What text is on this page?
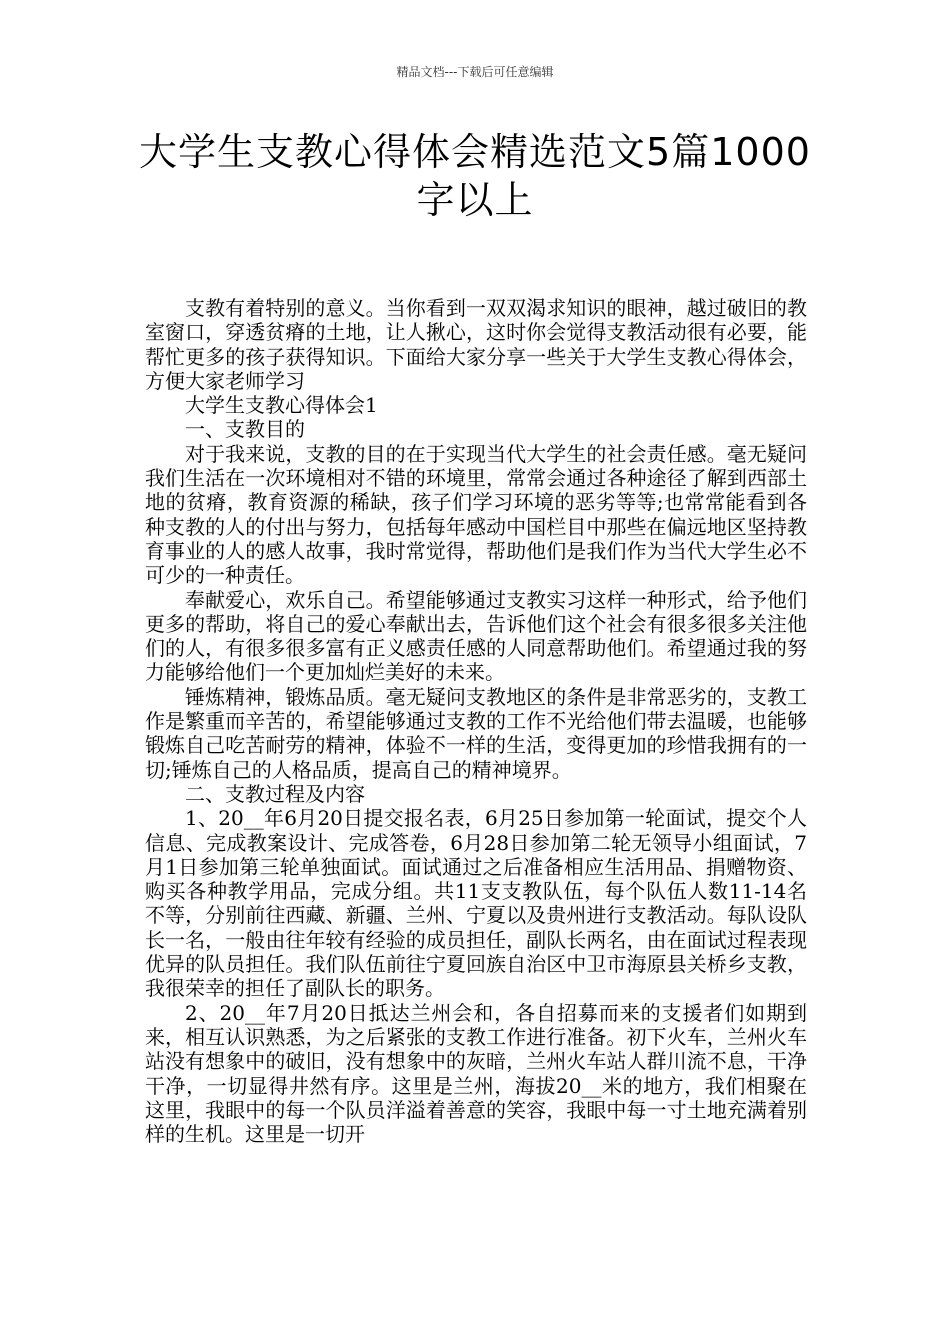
精品文档---下载后可任意编辑
大学生支教心得体会精选范文5篇1000
字以上

支教有着特别的意义。当你看到一双双渴求知识的眼神，越过破旧的教室窗口，穿透贫瘠的土地，让人揪心，这时你会觉得支教活动很有必要，能帮忙更多的孩子获得知识。下面给大家分享一些关于大学生支教心得体会，方便大家老师学习

大学生支教心得体会1

一、支教目的

对于我来说，支教的目的在于实现当代大学生的社会责任感。毫无疑问我们生活在一次环境相对不错的环境里，常常会通过各种途径了解到西部土地的贫瘠，教育资源的稀缺，孩子们学习环境的恶劣等等;也常常能看到各种支教的人的付出与努力，包括每年感动中国栏目中那些在偏远地区坚持教育事业的人的感人故事，我时常觉得，帮助他们是我们作为当代大学生必不可少的一种责任。

奉献爱心，欢乐自己。希望能够通过支教实习这样一种形式，给予他们更多的帮助，将自己的爱心奉献出去，告诉他们这个社会有很多很多关注他们的人，有很多很多富有正义感责任感的人同意帮助他们。希望通过我的努力能够给他们一个更加灿烂美好的未来。

锤炼精神，锻炼品质。毫无疑问支教地区的条件是非常恶劣的，支教工作是繁重而辛苦的，希望能够通过支教的工作不光给他们带去温暖，也能够锻炼自己吃苦耐劳的精神，体验不一样的生活，变得更加的珍惜我拥有的一切;锤炼自己的人格品质，提高自己的精神境界。

二、支教过程及内容

1、20__年6月20日提交报名表，6月25日参加第一轮面试，提交个人信息、完成教案设计、完成答卷，6月28日参加第二轮无领导小组面试，7月1日参加第三轮单独面试。面试通过之后准备相应生活用品、捐赠物资、购买各种教学用品，完成分组。共11支支教队伍，每个队伍人数11-14名不等，分别前往西藏、新疆、兰州、宁夏以及贵州进行支教活动。每队设队长一名，一般由往年较有经验的成员担任，副队长两名，由在面试过程表现优异的队员担任。我们队伍前往宁夏回族自治区中卫市海原县关桥乡支教，我很荣幸的担任了副队长的职务。

2、20__年7月20日抵达兰州会和，各自招募而来的支援者们如期到来，相互认识熟悉，为之后紧张的支教工作进行准备。初下火车，兰州火车站没有想象中的破旧，没有想象中的灰暗，兰州火车站人群川流不息，干净干净，一切显得井然有序。这里是兰州，海拔20__米的地方，我们相聚在这里，我眼中的每一个队员洋溢着善意的笑容，我眼中每一寸土地充满着别样的生机。这里是一切开
